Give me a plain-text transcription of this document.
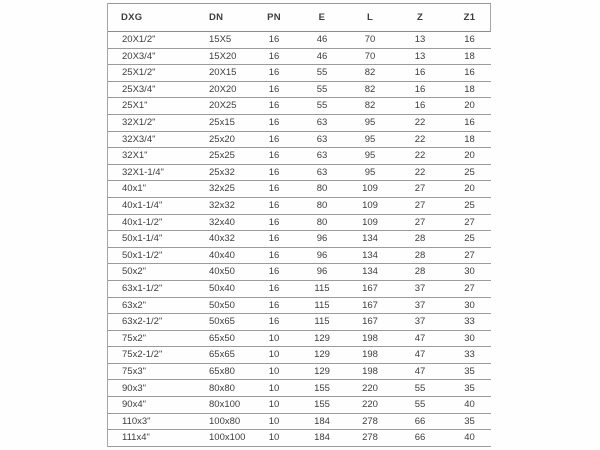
DXG	DN	PN	E	L	Z	Z1
20X1/2"	15X5	16	46	70	13	16
20X3/4"	15X20	16	46	70	13	18
25X1/2"	20X15	16	55	82	16	16
25X3/4"	20X20	16	55	82	16	18
25X1"	20X25	16	55	82	16	20
32X1/2"	25x15	16	63	95	22	16
32X3/4"	25x20	16	63	95	22	18
32X1"	25x25	16	63	95	22	20
32X1-1/4"	25x32	16	63	95	22	25
40x1"	32x25	16	80	109	27	20
40x1-1/4"	32x32	16	80	109	27	25
40x1-1/2"	32x40	16	80	109	27	27
50x1-1/4"	40x32	16	96	134	28	25
50x1-1/2"	40x40	16	96	134	28	27
50x2"	40x50	16	96	134	28	30
63x1-1/2"	50x40	16	115	167	37	27
63x2"	50x50	16	115	167	37	30
63x2-1/2"	50x65	16	115	167	37	33
75x2"	65x50	10	129	198	47	30
75x2-1/2"	65x65	10	129	198	47	33
75x3"	65x80	10	129	198	47	35
90x3"	80x80	10	155	220	55	35
90x4"	80x100	10	155	220	55	40
110x3"	100x80	10	184	278	66	35
111x4"	100x100	10	184	278	66	40
